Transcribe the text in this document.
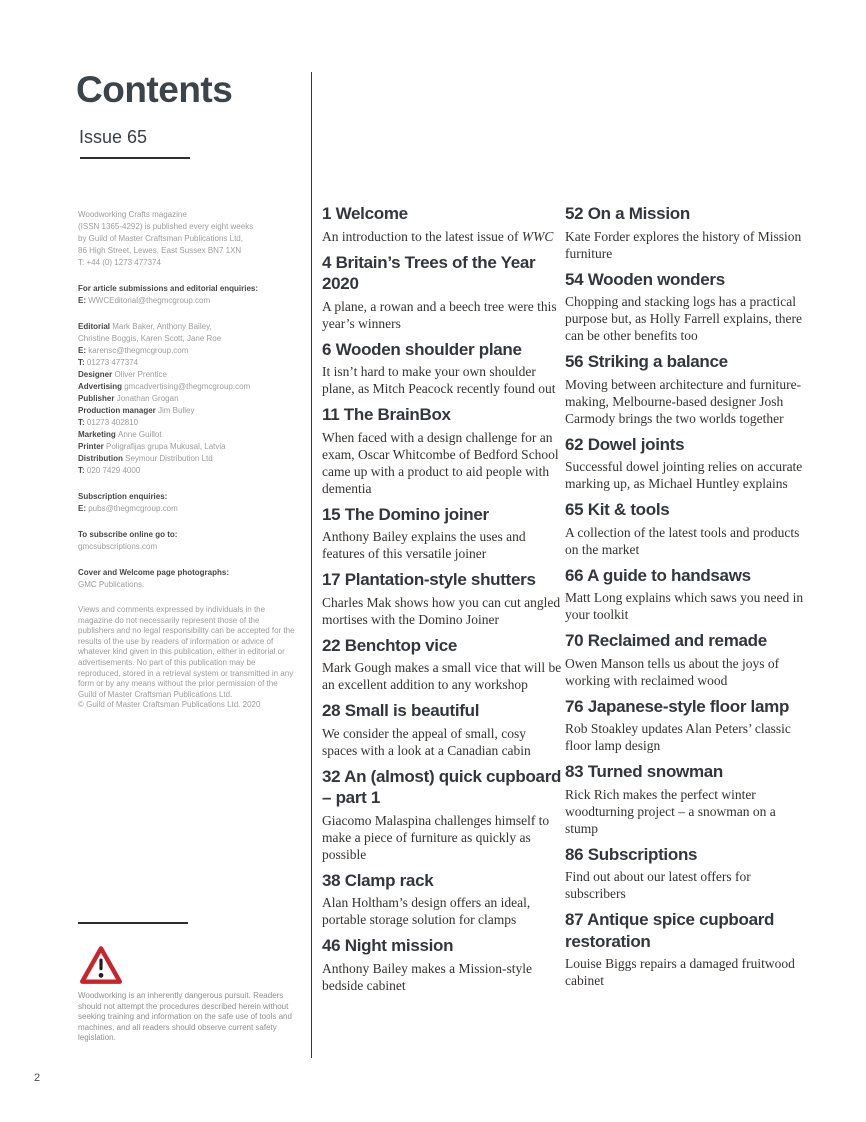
Contents
Issue 65
Woodworking Crafts magazine
(ISSN 1365-4292) is published every eight weeks
by Guild of Master Craftsman Publications Ltd,
86 High Street, Lewes, East Sussex BN7 1XN
T: +44 (0) 1273 477374
For article submissions and editorial enquiries:
E: WWCEditorial@thegmcgroup.com
Editorial Mark Baker, Anthony Bailey,
Christine Boggis, Karen Scott, Jane Roe
E: karensc@thegmcgroup.com
T: 01273 477374
Designer Oliver Prentice
Advertising gmcadvertising@thegmcgroup.com
Publisher Jonathan Grogan
Production manager Jim Bulley
T: 01273 402810
Marketing Anne Guillot
Printer Poligrafijas grupa Mukusal, Latvia
Distribution Seymour Distribution Ltd
T: 020 7429 4000
Subscription enquiries:
E: pubs@thegmcgroup.com
To subscribe online go to:
gmcsubscriptions.com
Cover and Welcome page photographs:
GMC Publications.
Views and comments expressed by individuals in the magazine do not necessarily represent those of the publishers and no legal responsibility can be accepted for the results of the use by readers of information or advice of whatever kind given in this publication, either in editorial or advertisements. No part of this publication may be reproduced, stored in a retrieval system or transmitted in any form or by any means without the prior permission of the Guild of Master Craftsman Publications Ltd.
© Guild of Master Craftsman Publications Ltd. 2020

Woodworking is an inherently dangerous pursuit. Readers should not attempt the procedures described herein without seeking training and information on the safe use of tools and machines, and all readers should observe current safety legislation.

1 Welcome

An introduction to the latest issue of WWC

4 Britain’s Trees of the Year 2020

A plane, a rowan and a beech tree were this year’s winners

6 Wooden shoulder plane

It isn’t hard to make your own shoulder plane, as Mitch Peacock recently found out

11 The BrainBox

When faced with a design challenge for an exam, Oscar Whitcombe of Bedford School came up with a product to aid people with dementia

15 The Domino joiner

Anthony Bailey explains the uses and features of this versatile joiner

17 Plantation-style shutters

Charles Mak shows how you can cut angled mortises with the Domino Joiner

22 Benchtop vice

Mark Gough makes a small vice that will be an excellent addition to any workshop

28 Small is beautiful

We consider the appeal of small, cosy spaces with a look at a Canadian cabin

32 An (almost) quick cupboard – part 1

Giacomo Malaspina challenges himself to make a piece of furniture as quickly as possible

38 Clamp rack

Alan Holtham’s design offers an ideal, portable storage solution for clamps

46 Night mission

Anthony Bailey makes a Mission-style bedside cabinet

52 On a Mission

Kate Forder explores the history of Mission furniture

54 Wooden wonders

Chopping and stacking logs has a practical purpose but, as Holly Farrell explains, there can be other benefits too

56 Striking a balance

Moving between architecture and furniture-making, Melbourne-based designer Josh Carmody brings the two worlds together

62 Dowel joints

Successful dowel jointing relies on accurate marking up, as Michael Huntley explains

65 Kit & tools

A collection of the latest tools and products on the market

66 A guide to handsaws

Matt Long explains which saws you need in your toolkit

70 Reclaimed and remade

Owen Manson tells us about the joys of working with reclaimed wood

76 Japanese-style floor lamp

Rob Stoakley updates Alan Peters’ classic floor lamp design

83 Turned snowman

Rick Rich makes the perfect winter woodturning project – a snowman on a stump

86 Subscriptions

Find out about our latest offers for subscribers

87 Antique spice cupboard restoration

Louise Biggs repairs a damaged fruitwood cabinet

2
